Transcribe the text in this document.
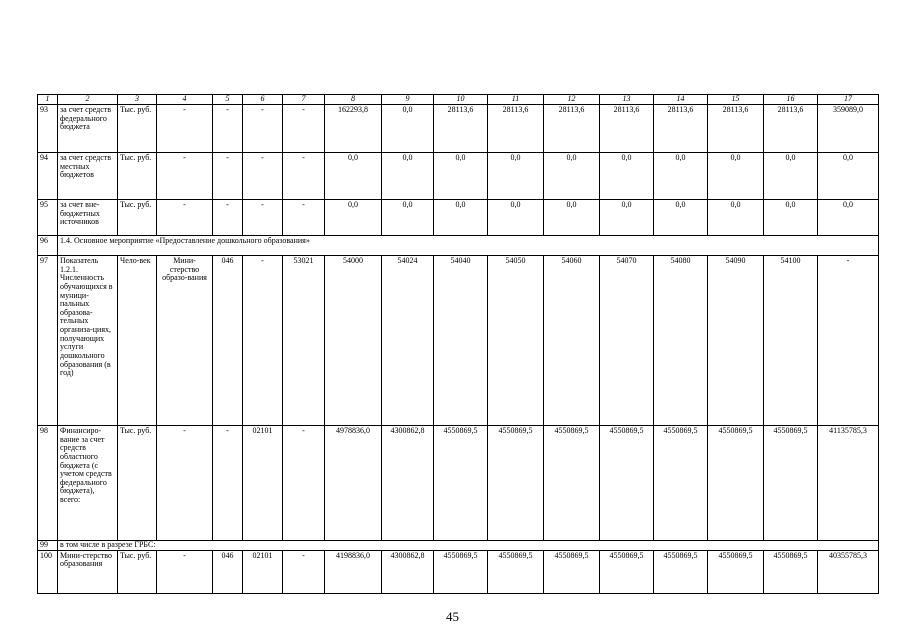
1	2	3	4	5	6	7	8	9	10	11	12	13	14	15	16	17
93	за счет средств федерального бюджета	Тыс. руб.	-	-	-	-	162293,8	0,0	28113,6	28113,6	28113,6	28113,6	28113,6	28113,6	28113,6	359089,0
94	за счет средств местных бюджетов	Тыс. руб.	-	-	-	-	0,0	0,0	0,0	0,0	0,0	0,0	0,0	0,0	0,0	0,0
95	за счет вне-бюджетных источников	Тыс. руб.	-	-	-	-	0,0	0,0	0,0	0,0	0,0	0,0	0,0	0,0	0,0	0,0
96	1.4. Основное мероприятие «Предоставление дошкольного образования»															
97	Показатель 1.2.1. Численность обучающихся в муници-пальных образова-тельных организа-циях, получающих услуги дошкольного образования (в год)	Чело-век	Мини-стерство образо-вания	046	-	53021	54000	54024	54040	54050	54060	54070	54080	54090	54100	-
98	Финансиро-вание за счет средств областного бюджета (с учетом средств федерального бюджета), всего:	Тыс. руб.	-	-	02101	-	4978836,0	4300862,8	4550869,5	4550869,5	4550869,5	4550869,5	4550869,5	4550869,5	4550869,5	41135785,3
99	в том числе в разрезе ГРБС:															
100	Мини-стерство образования	Тыс. руб.	-	046	02101	-	4198836,0	4300862,8	4550869,5	4550869,5	4550869,5	4550869,5	4550869,5	4550869,5	4550869,5	40355785,3
45
